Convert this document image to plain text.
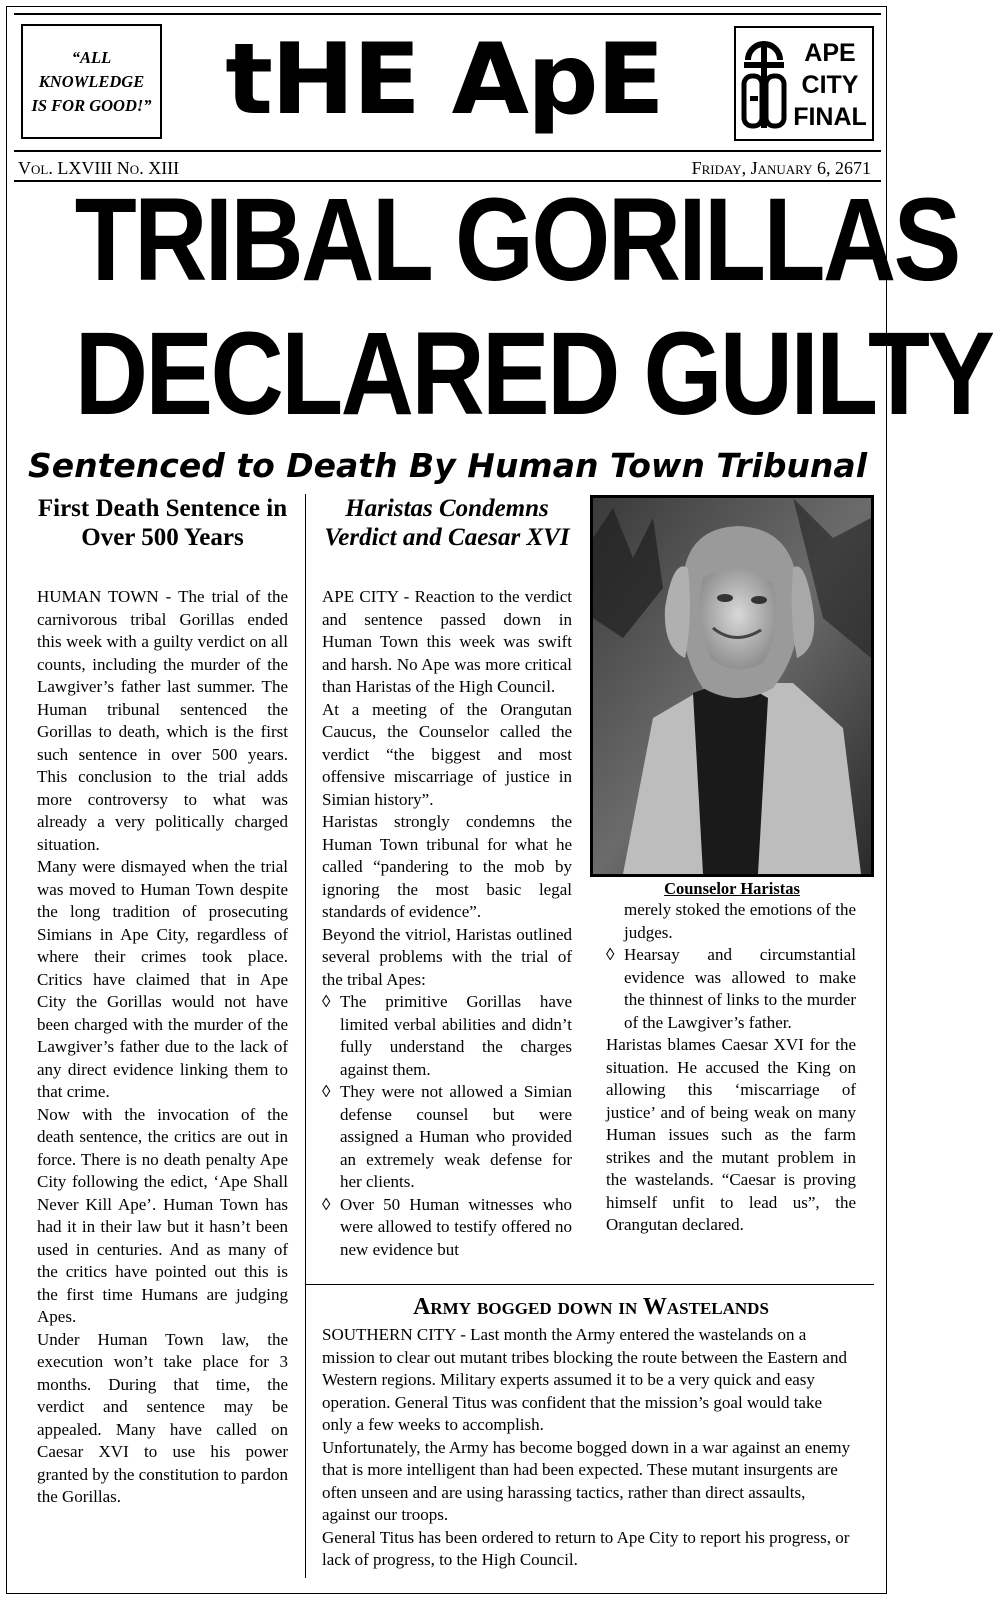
“ALL KNOWLEDGE IS FOR GOOD!” tHE ApE	APE
CITY
FINAL
Vol. LXVIII No. XIII	Friday, January 6, 2671
TRIBAL GORILLAS
DECLARED GUILTY
Sentenced to Death By Human Town Tribunal
First Death Sentence in Over 500 Years

HUMAN TOWN - The trial of the carnivorous tribal Gorillas ended this week with a guilty verdict on all counts, including the murder of the Lawgiver’s father last summer. The Human tribunal sentenced the Gorillas to death, which is the first such sentence in over 500 years. This conclusion to the trial adds more controversy to what was already a very politically charged situation.

Many were dismayed when the trial was moved to Human Town despite the long tradition of prosecuting Simians in Ape City, regardless of where their crimes took place. Critics have claimed that in Ape City the Gorillas would not have been charged with the murder of the Lawgiver’s father due to the lack of any direct evidence linking them to that crime.

Now with the invocation of the death sentence, the critics are out in force. There is no death penalty Ape City following the edict, ‘Ape Shall Never Kill Ape’. Human Town has had it in their law but it hasn’t been used in centuries. And as many of the critics have pointed out this is the first time Humans are judging Apes.

Under Human Town law, the execution won’t take place for 3 months. During that time, the verdict and sentence may be appealed. Many have called on Caesar XVI to use his power granted by the constitution to pardon the Gorillas.

Haristas Condemns Verdict and Caesar XVI

APE CITY - Reaction to the verdict and sentence passed down in Human Town this week was swift and harsh. No Ape was more critical than Haristas of the High Council.

At a meeting of the Orangutan Caucus, the Counselor called the verdict “the biggest and most offensive miscarriage of justice in Simian history”.

Haristas strongly condemns the Human Town tribunal for what he called “pandering to the mob by ignoring the most basic legal standards of evidence”.

Beyond the vitriol, Haristas outlined several problems with the trial of the tribal Apes:

◊ The primitive Gorillas have limited verbal abilities and didn’t fully understand the charges against them.
◊ They were not allowed a Simian defense counsel but were assigned a Human who provided an extremely weak defense for her clients.
◊ Over 50 Human witnesses who were allowed to testify offered no new evidence but
Counselor Haristas

merely stoked the emotions of the judges.

◊ Hearsay and circumstantial evidence was allowed to make the thinnest of links to the murder of the Lawgiver’s father.

Haristas blames Caesar XVI for the situation. He accused the King on allowing this ‘miscarriage of justice’ and of being weak on many Human issues such as the farm strikes and the mutant problem in the wastelands. “Caesar is proving himself unfit to lead us”, the Orangutan declared.

Army bogged down in Wastelands

SOUTHERN CITY - Last month the Army entered the wastelands on a mission to clear out mutant tribes blocking the route between the Eastern and Western regions. Military experts assumed it to be a very quick and easy operation. General Titus was confident that the mission’s goal would take only a few weeks to accomplish.

Unfortunately, the Army has become bogged down in a war against an enemy that is more intelligent than had been expected. These mutant insurgents are often unseen and are using harassing tactics, rather than direct assaults, against our troops.

General Titus has been ordered to return to Ape City to report his progress, or lack of progress, to the High Council.
